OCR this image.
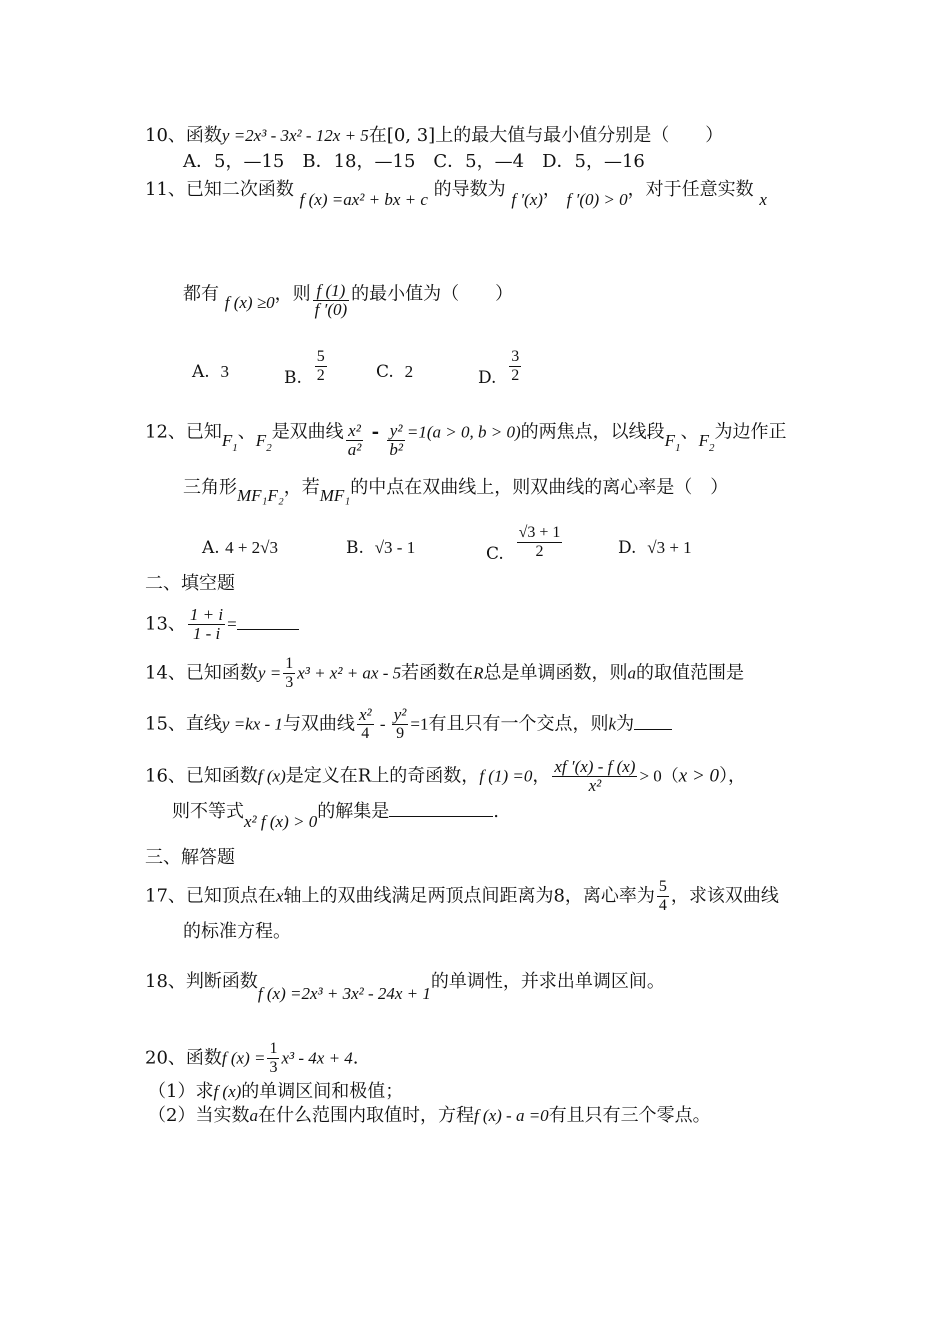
10、函数y =2x³ - 3x² - 12x + 5在[0, 3]上的最大值与最小值分别是（　　）
A．5，—15　B．18，—15　C．5，—4　D．5，—16
11、已知二次函数 f (x) =ax² + bx + c 的导数为 f ′(x)， f ′(0) > 0，对于任意实数 x
都有 f (x) ≥0，则 $\frac{f (1)}{f '(0)}$ 的最小值为（　　）
A. 3	B. $\frac{5}{2}$	C. 2	D. $\frac{3}{2}$
12、已知$F_1$、$F_2$是双曲线 $\frac{\text{x²}}{\text{a²}} - \frac{\text{y²}}{\text{b²}} =1(a > 0$, b > 0)的两焦点，以线段$F_1$、$F_2$为边作正
三角形MF₁F₂，若MF₁的中点在双曲线上，则双曲线的离心率是（　）
A. 4 + 2√3	B. √3 - 1	C. $\frac{√3 + 1}{2}$	D. √3 + 1
二、填空题
13、 $\frac{1 + i}{1 - i}$ =
14、已知函数$y = \frac{1}{3} x^3 + x^2$ + ax - 5若函数在R总是单调函数，则a的取值范围是
15、直线y =kx - 1与双曲线 $\frac{\text{x²}}{4} - \frac{\text{y²}}{9} =1$有且只有一个交点，则k为
16、已知函数f (x)是定义在R上的奇函数，f (1) =0， $\frac{xf '(x) - f (x)}{\text{x²}} > 0(x > 0)$，
则不等式x² f (x) > 0的解集是	.
三、解答题
17、已知顶点在x轴上的双曲线满足两顶点间距离为8，离心率为 $\frac{5}{4}$ ，求该双曲线
的标准方程。
18、判断函数f (x) =2x³ + 3x² - 24x + 1的单调性，并求出单调区间。
20、函数f $(x) = \frac{1}{3} x^3 - 4x + 4$.
（1）求f (x)的单调区间和极值；
（2）当实数a在什么范围内取值时，方程f (x) - a =0有且只有三个零点。
